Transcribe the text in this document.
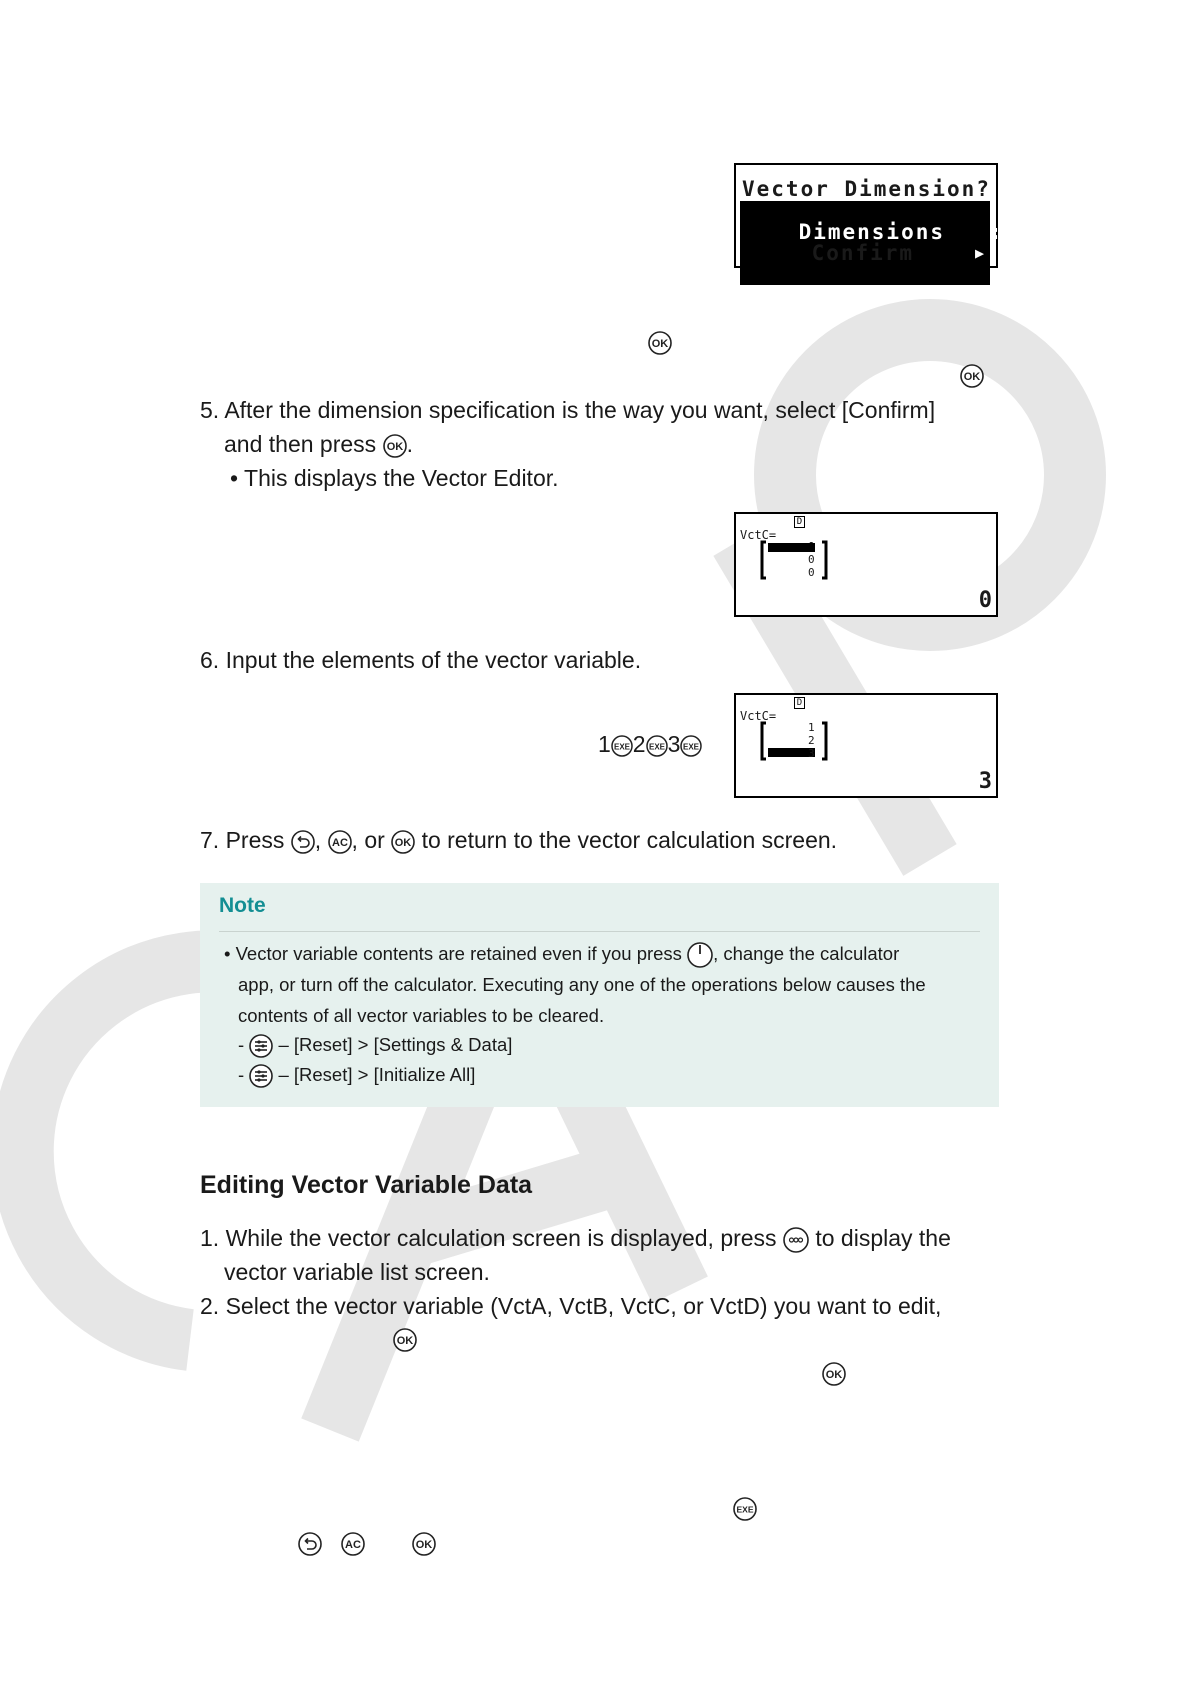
Vector Dimension?

Dimensions   :2

▶

Confirm

OK
OK
5. After the dimension specification is the way you want, select [Confirm]
and then press OK .
• This displays the Vector Editor.
D
VctC=
0
0
0
0
6. Input the elements of the vector variable.
1 EXE 2 EXE 3 EXE
D
VctC=
1
2
3
3
7. Press , AC , or OK to return to the vector calculation screen.
Note
• Vector variable contents are retained even if you press , change the calculator
app, or turn off the calculator. Executing any one of the operations below causes the
contents of all vector variables to be cleared.
- – [Reset] > [Settings & Data]
- – [Reset] > [Initialize All]
Editing Vector Variable Data
1. While the vector calculation screen is displayed, press to display the
vector variable list screen.
2. Select the vector variable (VctA, VctB, VctC, or VctD) you want to edit,
OK
OK
EXE
AC	OK
